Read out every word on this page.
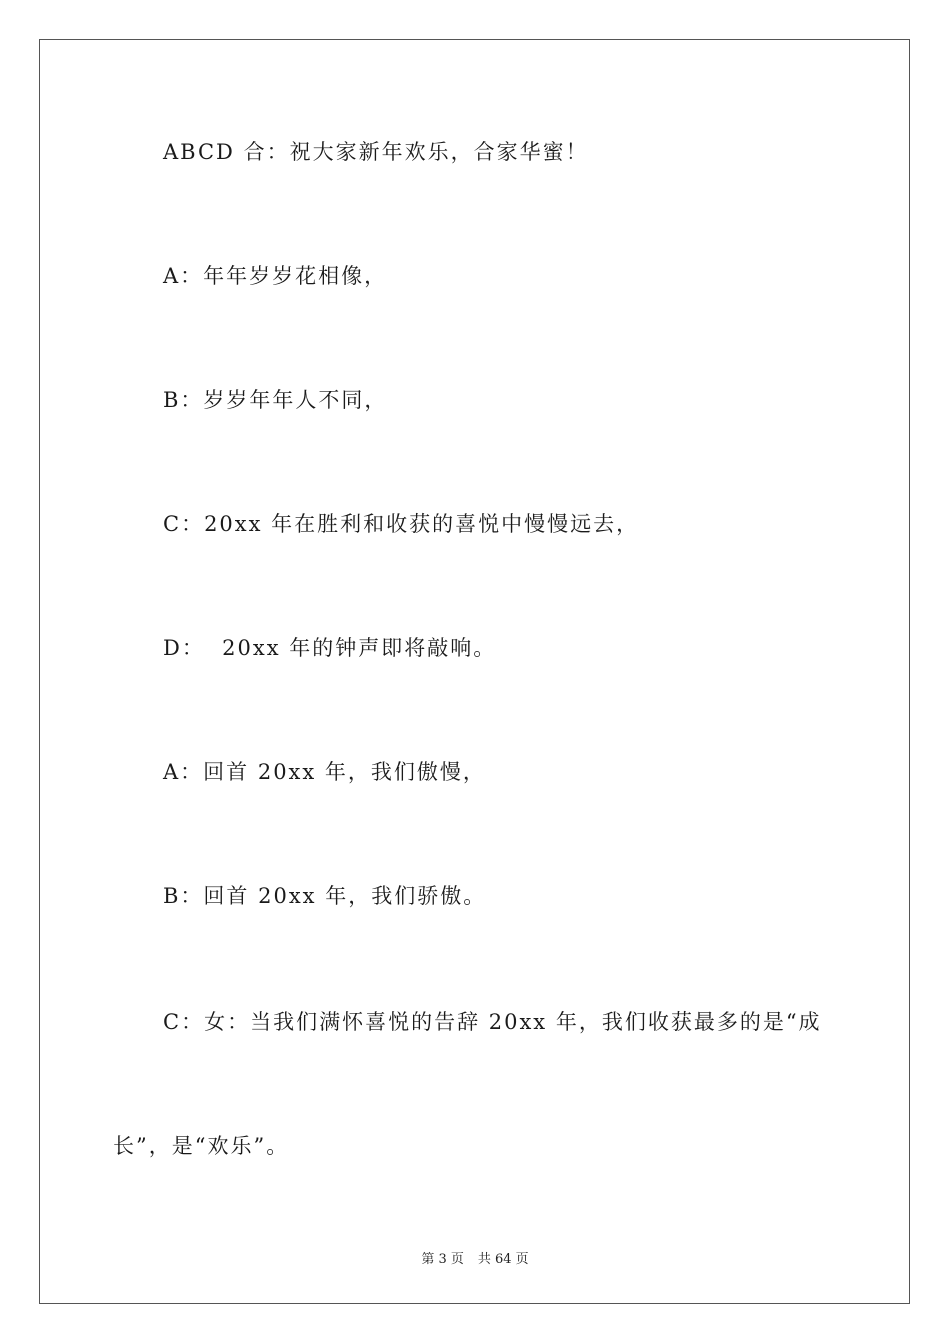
ABCD 合：祝大家新年欢乐，合家华蜜！
A：年年岁岁花相像，
B：岁岁年年人不同，
C：20xx 年在胜利和收获的喜悦中慢慢远去，
D：  20xx 年的钟声即将敲响。
A：回首 20xx 年，我们傲慢，
B：回首 20xx 年，我们骄傲。
C：女：当我们满怀喜悦的告辞 20xx 年，我们收获最多的是“成
长”，是“欢乐”。
第 3 页 共 64 页
